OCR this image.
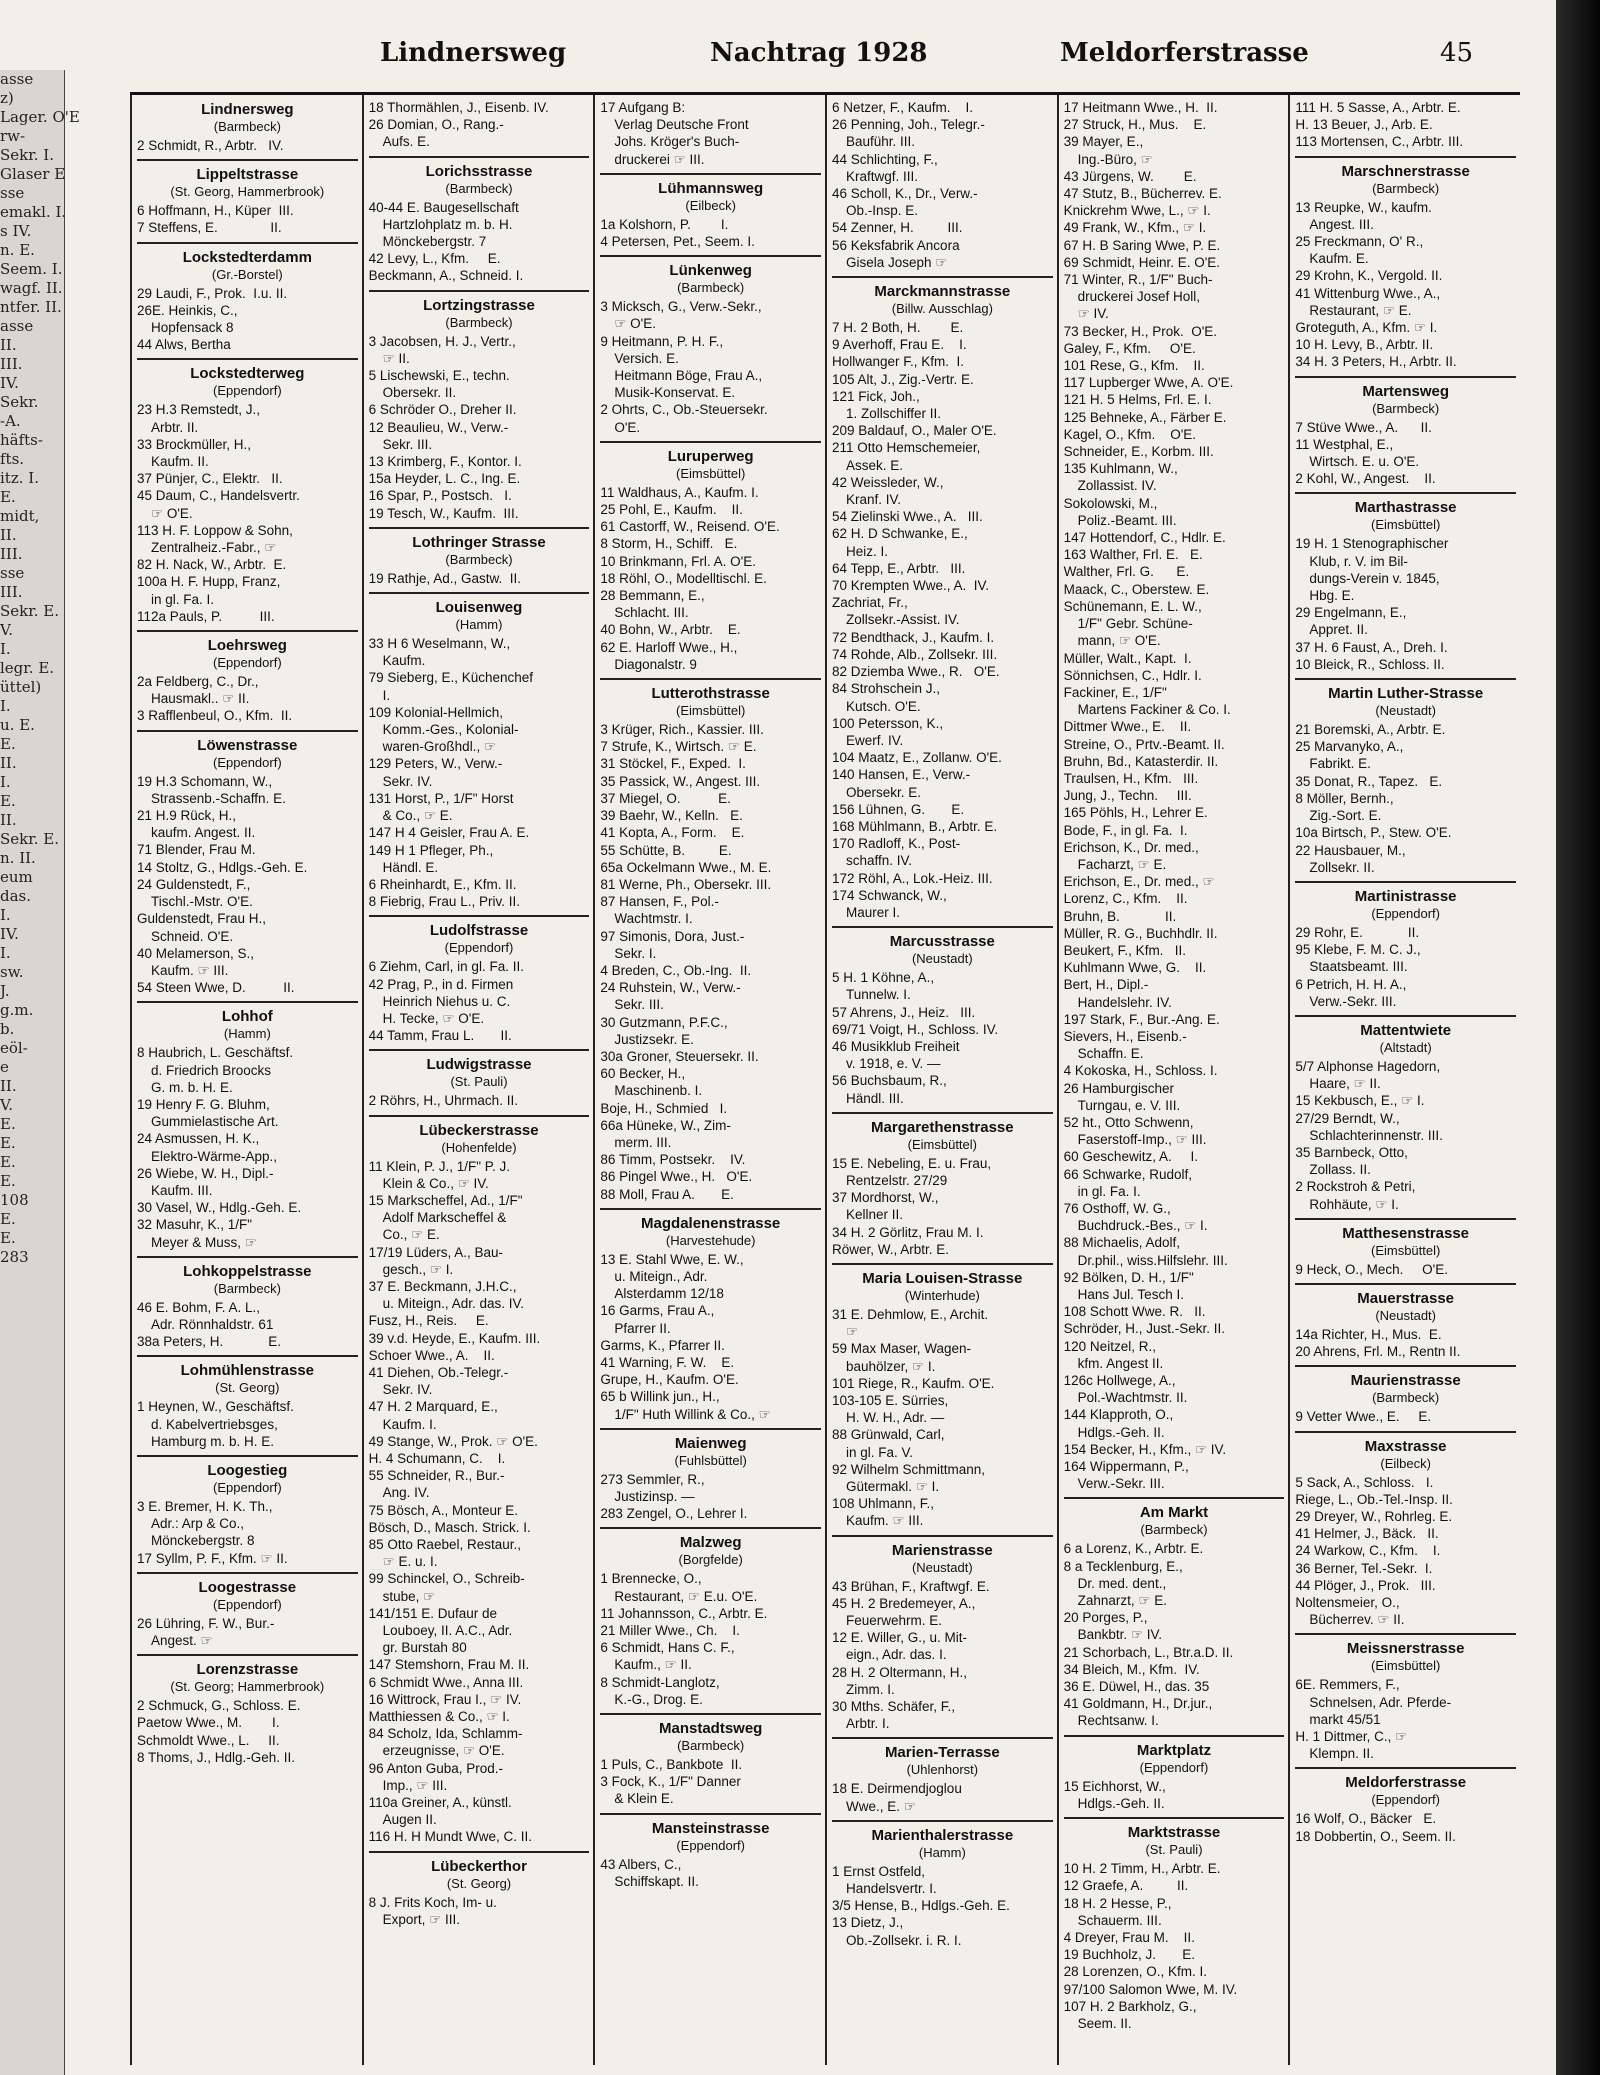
asse
z)
Lager. O'E
rw-
Sekr. I.
Glaser E
sse
emakl. I.
s IV.
n. E.
Seem. I.
wagf. II.
ntfer. II.
asse
II.
III.
IV.
Sekr.
-A.
häfts-
fts.
itz. I.
E.
midt,
II.
III.
sse
III.
Sekr. E.
V.
I.
legr. E.
üttel)
I.
u. E.
E.
II.
I.
E.
II.
Sekr. E.
n. II.
eum
das.
I.
IV.
I.
sw.
J.
g.m.
b.
eöl-
e
II.
V.
E.
E.
E.
E.
108
E.
E.
283
Lindnersweg	Nachtrag 1928	Meldorferstrasse	45
Lindnersweg
(Barmbeck)
2 Schmidt, R., Arbtr.   IV.
Lippeltstrasse
(St. Georg, Hammerbrook)
6 Hoffmann, H., Küper  III.
7 Steffens, E.              II.
Lockstedterdamm
(Gr.-Borstel)
29 Laudi, F., Prok.  I.u. II.
26E. Heinkis, C.,
Hopfensack 8
44 Alws, Bertha
Lockstedterweg
(Eppendorf)
23 H.3 Remstedt, J.,
Arbtr. II.
33 Brockmüller, H.,
Kaufm. II.
37 Pünjer, C., Elektr.   II.
45 Daum, C., Handelsvertr.
☞ O'E.
113 H. F. Loppow & Sohn,
Zentralheiz.-Fabr., ☞
82 H. Nack, W., Arbtr.  E.
100a H. F. Hupp, Franz,
in gl. Fa. I.
112a Pauls, P.          III.
Loehrsweg
(Eppendorf)
2a Feldberg, C., Dr.,
Hausmakl.. ☞ II.
3 Rafflenbeul, O., Kfm.  II.
Löwenstrasse
(Eppendorf)
19 H.3 Schomann, W.,
Strassenb.-Schaffn. E.
21 H.9 Rück, H.,
kaufm. Angest. II.
71 Blender, Frau M.
14 Stoltz, G., Hdlgs.-Geh. E.
24 Guldenstedt, F.,
Tischl.-Mstr. O'E.
Guldenstedt, Frau H.,
Schneid. O'E.
40 Melamerson, S.,
Kaufm. ☞ III.
54 Steen Wwe, D.          II.
Lohhof
(Hamm)
8 Haubrich, L. Geschäftsf.
d. Friedrich Broocks
G. m. b. H. E.
19 Henry F. G. Bluhm,
Gummielastische Art.
24 Asmussen, H. K.,
Elektro-Wärme-App.,
26 Wiebe, W. H., Dipl.-
Kaufm. III.
30 Vasel, W., Hdlg.-Geh. E.
32 Masuhr, K., 1/F"
Meyer & Muss, ☞
Lohkoppelstrasse
(Barmbeck)
46 E. Bohm, F. A. L.,
Adr. Rönnhaldstr. 61
38a Peters, H.            E.
Lohmühlenstrasse
(St. Georg)
1 Heynen, W., Geschäftsf.
d. Kabelvertriebsges,
Hamburg m. b. H. E.
Loogestieg
(Eppendorf)
3 E. Bremer, H. K. Th.,
Adr.: Arp & Co.,
Mönckebergstr. 8
17 Syllm, P. F., Kfm. ☞ II.
Loogestrasse
(Eppendorf)
26 Lühring, F. W., Bur.-
Angest. ☞
Lorenzstrasse
(St. Georg; Hammerbrook)
2 Schmuck, G., Schloss. E.
Paetow Wwe., M.        I.
Schmoldt Wwe., L.     II.
8 Thoms, J., Hdlg.-Geh. II.
18 Thormählen, J., Eisenb. IV.
26 Domian, O., Rang.-
Aufs. E.
Lorichsstrasse
(Barmbeck)
40-44 E. Baugesellschaft
Hartzlohplatz m. b. H.
Mönckebergstr. 7
42 Levy, L., Kfm.     E.
Beckmann, A., Schneid. I.
Lortzingstrasse
(Barmbeck)
3 Jacobsen, H. J., Vertr.,
☞ II.
5 Lischewski, E., techn.
Obersekr. II.
6 Schröder O., Dreher II.
12 Beaulieu, W., Verw.-
Sekr. III.
13 Krimberg, F., Kontor. I.
15a Heyder, L. C., Ing. E.
16 Spar, P., Postsch.   I.
19 Tesch, W., Kaufm.  III.
Lothringer Strasse
(Barmbeck)
19 Rathje, Ad., Gastw.  II.
Louisenweg
(Hamm)
33 H 6 Weselmann, W.,
Kaufm.
79 Sieberg, E., Küchenchef
I.
109 Kolonial-Hellmich,
Komm.-Ges., Kolonial-
waren-Großhdl., ☞
129 Peters, W., Verw.-
Sekr. IV.
131 Horst, P., 1/F" Horst
& Co., ☞ E.
147 H 4 Geisler, Frau A. E.
149 H 1 Pfleger, Ph.,
Händl. E.
6 Rheinhardt, E., Kfm. II.
8 Fiebrig, Frau L., Priv. II.
Ludolfstrasse
(Eppendorf)
6 Ziehm, Carl, in gl. Fa. II.
42 Prag, P., in d. Firmen
Heinrich Niehus u. C.
H. Tecke, ☞ O'E.
44 Tamm, Frau L.       II.
Ludwigstrasse
(St. Pauli)
2 Röhrs, H., Uhrmach. II.
Lübeckerstrasse
(Hohenfelde)
11 Klein, P. J., 1/F" P. J.
Klein & Co., ☞ IV.
15 Markscheffel, Ad., 1/F"
Adolf Markscheffel &
Co., ☞ E.
17/19 Lüders, A., Bau-
gesch., ☞ I.
37 E. Beckmann, J.H.C.,
u. Miteign., Adr. das. IV.
Fusz, H., Reis.     E.
39 v.d. Heyde, E., Kaufm. III.
Schoer Wwe., A.    II.
41 Diehen, Ob.-Telegr.-
Sekr. IV.
47 H. 2 Marquard, E.,
Kaufm. I.
49 Stange, W., Prok. ☞ O'E.
H. 4 Schumann, C.    I.
55 Schneider, R., Bur.-
Ang. IV.
75 Bösch, A., Monteur E.
Bösch, D., Masch. Strick. I.
85 Otto Raebel, Restaur.,
☞ E. u. I.
99 Schinckel, O., Schreib-
stube, ☞
141/151 E. Dufaur de
Louboey, II. A.C., Adr.
gr. Burstah 80
147 Stemshorn, Frau M. II.
6 Schmidt Wwe., Anna III.
16 Wittrock, Frau I., ☞ IV.
Matthiessen & Co., ☞ I.
84 Scholz, Ida, Schlamm-
erzeugnisse, ☞ O'E.
96 Anton Guba, Prod.-
Imp., ☞ III.
110a Greiner, A., künstl.
Augen II.
116 H. H Mundt Wwe, C. II.
Lübeckerthor
(St. Georg)
8 J. Frits Koch, Im- u.
Export, ☞ III.
17 Aufgang B:
Verlag Deutsche Front
Johs. Kröger's Buch-
druckerei ☞ III.
Lühmannsweg
(Eilbeck)
1a Kolshorn, P.        I.
4 Petersen, Pet., Seem. I.
Lünkenweg
(Barmbeck)
3 Micksch, G., Verw.-Sekr.,
☞ O'E.
9 Heitmann, P. H. F.,
Versich. E.
Heitmann Böge, Frau A.,
Musik-Konservat. E.
2 Ohrts, C., Ob.-Steuersekr.
O'E.
Luruperweg
(Eimsbüttel)
11 Waldhaus, A., Kaufm. I.
25 Pohl, E., Kaufm.    II.
61 Castorff, W., Reisend. O'E.
8 Storm, H., Schiff.   E.
10 Brinkmann, Frl. A. O'E.
18 Röhl, O., Modelltischl. E.
28 Bemmann, E.,
Schlacht. III.
40 Bohn, W., Arbtr.    E.
62 E. Harloff Wwe., H.,
Diagonalstr. 9
Lutterothstrasse
(Eimsbüttel)
3 Krüger, Rich., Kassier. III.
7 Strufe, K., Wirtsch. ☞ E.
31 Stöckel, F., Exped.  I.
35 Passick, W., Angest. III.
37 Miegel, O.          E.
39 Baehr, W., Kelln.   E.
41 Kopta, A., Form.    E.
55 Schütte, B.         E.
65a Ockelmann Wwe., M. E.
81 Werne, Ph., Obersekr. III.
87 Hansen, F., Pol.-
Wachtmstr. I.
97 Simonis, Dora, Just.-
Sekr. I.
4 Breden, C., Ob.-Ing.  II.
24 Ruhstein, W., Verw.-
Sekr. III.
30 Gutzmann, P.F.C.,
Justizsekr. E.
30a Groner, Steuersekr. II.
60 Becker, H.,
Maschinenb. I.
Boje, H., Schmied   I.
66a Hüneke, W., Zim-
merm. III.
86 Timm, Postsekr.    IV.
86 Pingel Wwe., H.   O'E.
88 Moll, Frau A.       E.
Magdalenenstrasse
(Harvestehude)
13 E. Stahl Wwe, E. W.,
u. Miteign., Adr.
Alsterdamm 12/18
16 Garms, Frau A.,
Pfarrer II.
Garms, K., Pfarrer II.
41 Warning, F. W.    E.
Grupe, H., Kaufm. O'E.
65 b Willink jun., H.,
1/F" Huth Willink & Co., ☞
Maienweg
(Fuhlsbüttel)
273 Semmler, R.,
Justizinsp. —
283 Zengel, O., Lehrer I.
Malzweg
(Borgfelde)
1 Brennecke, O.,
Restaurant, ☞ E.u. O'E.
11 Johannsson, C., Arbtr. E.
21 Miller Wwe., Ch.    I.
6 Schmidt, Hans C. F.,
Kaufm., ☞ II.
8 Schmidt-Langlotz,
K.-G., Drog. E.
Manstadtsweg
(Barmbeck)
1 Puls, C., Bankbote  II.
3 Fock, K., 1/F" Danner
& Klein E.
Mansteinstrasse
(Eppendorf)
43 Albers, C.,
Schiffskapt. II.
6 Netzer, F., Kaufm.    I.
26 Penning, Joh., Telegr.-
Bauführ. III.
44 Schlichting, F.,
Kraftwgf. III.
46 Scholl, K., Dr., Verw.-
Ob.-Insp. E.
54 Zenner, H.         III.
56 Keksfabrik Ancora
Gisela Joseph ☞
Marckmannstrasse
(Billw. Ausschlag)
7 H. 2 Both, H.        E.
9 Averhoff, Frau E.    I.
Hollwanger F., Kfm.  I.
105 Alt, J., Zig.-Vertr. E.
121 Fick, Joh.,
1. Zollschiffer II.
209 Baldauf, O., Maler O'E.
211 Otto Hemschemeier,
Assek. E.
42 Weissleder, W.,
Kranf. IV.
54 Zielinski Wwe., A.   III.
62 H. D Schwanke, E.,
Heiz. I.
64 Tepp, E., Arbtr.   III.
70 Krempten Wwe., A.  IV.
Zachriat, Fr.,
Zollsekr.-Assist. IV.
72 Bendthack, J., Kaufm. I.
74 Rohde, Alb., Zollsekr. III.
82 Dziemba Wwe., R.   O'E.
84 Strohschein J.,
Kutsch. O'E.
100 Petersson, K.,
Ewerf. IV.
104 Maatz, E., Zollanw. O'E.
140 Hansen, E., Verw.-
Obersekr. E.
156 Lühnen, G.       E.
168 Mühlmann, B., Arbtr. E.
170 Radloff, K., Post-
schaffn. IV.
172 Röhl, A., Lok.-Heiz. III.
174 Schwanck, W.,
Maurer I.
Marcusstrasse
(Neustadt)
5 H. 1 Köhne, A.,
Tunnelw. I.
57 Ahrens, J., Heiz.   III.
69/71 Voigt, H., Schloss. IV.
46 Musikklub Freiheit
v. 1918, e. V. —
56 Buchsbaum, R.,
Händl. III.
Margarethenstrasse
(Eimsbüttel)
15 E. Nebeling, E. u. Frau,
Rentzelstr. 27/29
37 Mordhorst, W.,
Kellner II.
34 H. 2 Görlitz, Frau M. I.
Röwer, W., Arbtr. E.
Maria Louisen-Strasse
(Winterhude)
31 E. Dehmlow, E., Archit.
☞
59 Max Maser, Wagen-
bauhölzer, ☞ I.
101 Riege, R., Kaufm. O'E.
103-105 E. Sürries,
H. W. H., Adr. —
88 Grünwald, Carl,
in gl. Fa. V.
92 Wilhelm Schmittmann,
Gütermakl. ☞ I.
108 Uhlmann, F.,
Kaufm. ☞ III.
Marienstrasse
(Neustadt)
43 Brühan, F., Kraftwgf. E.
45 H. 2 Bredemeyer, A.,
Feuerwehrm. E.
12 E. Willer, G., u. Mit-
eign., Adr. das. I.
28 H. 2 Oltermann, H.,
Zimm. I.
30 Mths. Schäfer, F.,
Arbtr. I.
Marien-Terrasse
(Uhlenhorst)
18 E. Deirmendjoglou
Wwe., E. ☞
Marienthalerstrasse
(Hamm)
1 Ernst Ostfeld,
Handelsvertr. I.
3/5 Hense, B., Hdlgs.-Geh. E.
13 Dietz, J.,
Ob.-Zollsekr. i. R. I.
17 Heitmann Wwe., H.  II.
27 Struck, H., Mus.    E.
39 Mayer, E.,
Ing.-Büro, ☞
43 Jürgens, W.        E.
47 Stutz, B., Bücherrev. E.
Knickrehm Wwe, L., ☞ I.
49 Frank, W., Kfm., ☞ I.
67 H. B Saring Wwe, P. E.
69 Schmidt, Heinr. E. O'E.
71 Winter, R., 1/F" Buch-
druckerei Josef Holl,
☞ IV.
73 Becker, H., Prok.  O'E.
Galey, F., Kfm.     O'E.
101 Rese, G., Kfm.    II.
117 Lupberger Wwe, A. O'E.
121 H. 5 Helms, Frl. E. I.
125 Behneke, A., Färber E.
Kagel, O., Kfm.    O'E.
Schneider, E., Korbm. III.
135 Kuhlmann, W.,
Zollassist. IV.
Sokolowski, M.,
Poliz.-Beamt. III.
147 Hottendorf, C., Hdlr. E.
163 Walther, Frl. E.   E.
Walther, Frl. G.      E.
Maack, C., Oberstew. E.
Schünemann, E. L. W.,
1/F" Gebr. Schüne-
mann, ☞ O'E.
Müller, Walt., Kapt.  I.
Sönnichsen, C., Hdlr. I.
Fackiner, E., 1/F"
Martens Fackiner & Co. I.
Dittmer Wwe., E.    II.
Streine, O., Prtv.-Beamt. II.
Bruhn, Bd., Katasterdir. II.
Traulsen, H., Kfm.   III.
Jung, J., Techn.     III.
165 Pöhls, H., Lehrer E.
Bode, F., in gl. Fa.  I.
Erichson, K., Dr. med.,
Facharzt, ☞ E.
Erichson, E., Dr. med., ☞
Lorenz, C., Kfm.    II.
Bruhn, B.            II.
Müller, R. G., Buchhdlr. II.
Beukert, F., Kfm.   II.
Kuhlmann Wwe, G.    II.
Bert, H., Dipl.-
Handelslehr. IV.
197 Stark, F., Bur.-Ang. E.
Sievers, H., Eisenb.-
Schaffn. E.
4 Kokoska, H., Schloss. I.
26 Hamburgischer
Turngau, e. V. III.
52 ht., Otto Schwenn,
Faserstoff-Imp., ☞ III.
60 Geschewitz, A.     I.
66 Schwarke, Rudolf,
in gl. Fa. I.
76 Osthoff, W. G.,
Buchdruck.-Bes., ☞ I.
88 Michaelis, Adolf,
Dr.phil., wiss.Hilfslehr. III.
92 Bölken, D. H., 1/F"
Hans Jul. Tesch I.
108 Schott Wwe. R.   II.
Schröder, H., Just.-Sekr. II.
120 Neitzel, R.,
kfm. Angest II.
126c Hollwege, A.,
Pol.-Wachtmstr. II.
144 Klapproth, O.,
Hdlgs.-Geh. II.
154 Becker, H., Kfm., ☞ IV.
164 Wippermann, P.,
Verw.-Sekr. III.
Am Markt
(Barmbeck)
6 a Lorenz, K., Arbtr. E.
8 a Tecklenburg, E.,
Dr. med. dent.,
Zahnarzt, ☞ E.
20 Porges, P.,
Bankbtr. ☞ IV.
21 Schorbach, L., Btr.a.D. II.
34 Bleich, M., Kfm.  IV.
36 E. Düwel, H., das. 35
41 Goldmann, H., Dr.jur.,
Rechtsanw. I.
Marktplatz
(Eppendorf)
15 Eichhorst, W.,
Hdlgs.-Geh. II.
Marktstrasse
(St. Pauli)
10 H. 2 Timm, H., Arbtr. E.
12 Graefe, A.         II.
18 H. 2 Hesse, P.,
Schauerm. III.
4 Dreyer, Frau M.    II.
19 Buchholz, J.       E.
28 Lorenzen, O., Kfm. I.
97/100 Salomon Wwe, M. IV.
107 H. 2 Barkholz, G.,
Seem. II.
111 H. 5 Sasse, A., Arbtr. E.
H. 13 Beuer, J., Arb. E.
113 Mortensen, C., Arbtr. III.
Marschnerstrasse
(Barmbeck)
13 Reupke, W., kaufm.
Angest. III.
25 Freckmann, O' R.,
Kaufm. E.
29 Krohn, K., Vergold. II.
41 Wittenburg Wwe., A.,
Restaurant, ☞ E.
Groteguth, A., Kfm. ☞ I.
10 H. Levy, B., Arbtr. II.
34 H. 3 Peters, H., Arbtr. II.
Martensweg
(Barmbeck)
7 Stüve Wwe., A.      II.
11 Westphal, E.,
Wirtsch. E. u. O'E.
2 Kohl, W., Angest.    II.
Marthastrasse
(Eimsbüttel)
19 H. 1 Stenographischer
Klub, r. V. im Bil-
dungs-Verein v. 1845,
Hbg. E.
29 Engelmann, E.,
Appret. II.
37 H. 6 Faust, A., Dreh. I.
10 Bleick, R., Schloss. II.
Martin Luther-Strasse
(Neustadt)
21 Boremski, A., Arbtr. E.
25 Marvanyko, A.,
Fabrikt. E.
35 Donat, R., Tapez.   E.
8 Möller, Bernh.,
Zig.-Sort. E.
10a Birtsch, P., Stew. O'E.
22 Hausbauer, M.,
Zollsekr. II.
Martinistrasse
(Eppendorf)
29 Rohr, E.            II.
95 Klebe, F. M. C. J.,
Staatsbeamt. III.
6 Petrich, H. H. A.,
Verw.-Sekr. III.
Mattentwiete
(Altstadt)
5/7 Alphonse Hagedorn,
Haare, ☞ II.
15 Kekbusch, E., ☞ I.
27/29 Berndt, W.,
Schlachterinnenstr. III.
35 Barnbeck, Otto,
Zollass. II.
2 Rockstroh & Petri,
Rohhäute, ☞ I.
Matthesenstrasse
(Eimsbüttel)
9 Heck, O., Mech.     O'E.
Mauerstrasse
(Neustadt)
14a Richter, H., Mus.  E.
20 Ahrens, Frl. M., Rentn II.
Maurienstrasse
(Barmbeck)
9 Vetter Wwe., E.     E.
Maxstrasse
(Eilbeck)
5 Sack, A., Schloss.   I.
Riege, L., Ob.-Tel.-Insp. II.
29 Dreyer, W., Rohrleg. E.
41 Helmer, J., Bäck.   II.
24 Warkow, C., Kfm.    I.
36 Berner, Tel.-Sekr.  I.
44 Plöger, J., Prok.   III.
Noltensmeier, O.,
Bücherrev. ☞ II.
Meissnerstrasse
(Eimsbüttel)
6E. Remmers, F.,
Schnelsen, Adr. Pferde-
markt 45/51
H. 1 Dittmer, C., ☞
Klempn. II.
Meldorferstrasse
(Eppendorf)
16 Wolf, O., Bäcker   E.
18 Dobbertin, O., Seem. II.
